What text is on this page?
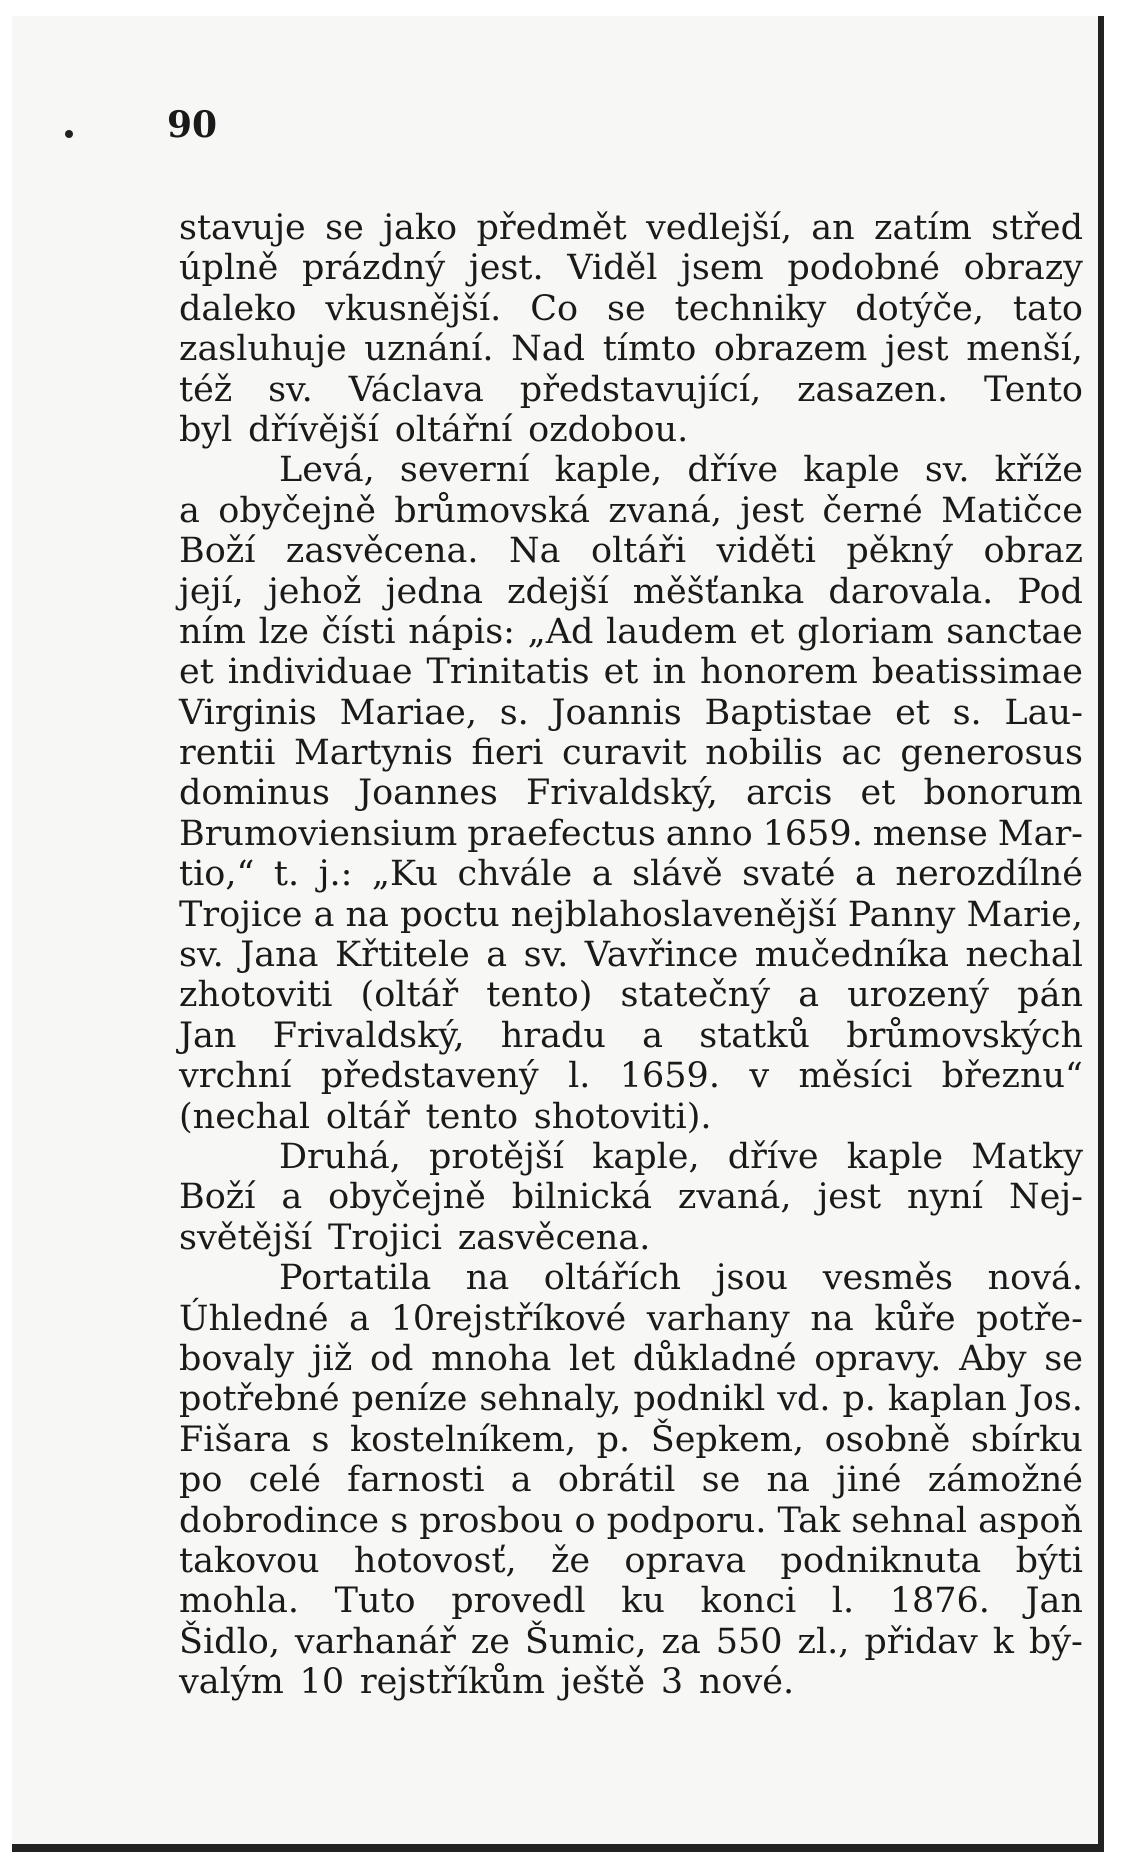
90
stavuje se jako předmět vedlejší, an zatím střed
úplně prázdný jest. Viděl jsem podobné obrazy
daleko vkusnější. Co se techniky dotýče, tato
zasluhuje uznání. Nad tímto obrazem jest menší,
též sv. Václava představující, zasazen. Tento
byl dřívější oltářní ozdobou.
Levá, severní kaple, dříve kaple sv. kříže
a obyčejně brůmovská zvaná, jest černé Matičce
Boží zasvěcena. Na oltáři viděti pěkný obraz
její, jehož jedna zdejší měšťanka darovala. Pod
ním lze čísti nápis: „Ad laudem et gloriam sanctae
et individuae Trinitatis et in honorem beatissimae
Virginis Mariae, s. Joannis Baptistae et s. Lau-
rentii Martynis fieri curavit nobilis ac generosus
dominus Joannes Frivaldský, arcis et bonorum
Brumoviensium praefectus anno 1659. mense Mar-
tio,“ t. j.: „Ku chvále a slávě svaté a nerozdílné
Trojice a na poctu nejblahoslavenější Panny Marie,
sv. Jana Křtitele a sv. Vavřince mučedníka nechal
zhotoviti (oltář tento) statečný a urozený pán
Jan Frivaldský, hradu a statků brůmovských
vrchní představený l. 1659. v měsíci březnu“
(nechal oltář tento shotoviti).
Druhá, protější kaple, dříve kaple Matky
Boží a obyčejně bilnická zvaná, jest nyní Nej-
světější Trojici zasvěcena.
Portatila na oltářích jsou vesměs nová.
Úhledné a 10rejstříkové varhany na kůře potře-
bovaly již od mnoha let důkladné opravy. Aby se
potřebné peníze sehnaly, podnikl vd. p. kaplan Jos.
Fišara s kostelníkem, p. Šepkem, osobně sbírku
po celé farnosti a obrátil se na jiné zámožné
dobrodince s prosbou o podporu. Tak sehnal aspoň
takovou hotovosť, že oprava podniknuta býti
mohla. Tuto provedl ku konci l. 1876. Jan
Šidlo, varhanář ze Šumic, za 550 zl., přidav k bý-
valým 10 rejstříkům ještě 3 nové.
